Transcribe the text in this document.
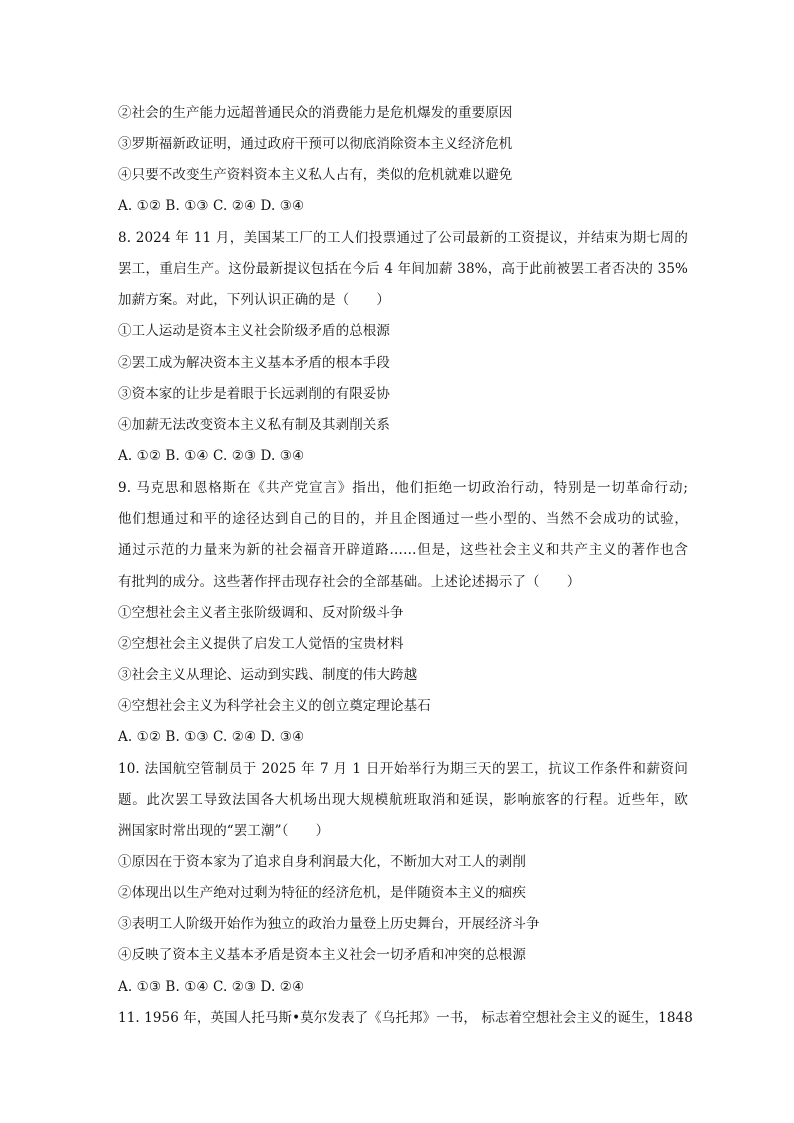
②社会的生产能力远超普通民众的消费能力是危机爆发的重要原因
③罗斯福新政证明，通过政府干预可以彻底消除资本主义经济危机
④只要不改变生产资料资本主义私人占有，类似的危机就难以避免
A. ①② B. ①③ C. ②④ D. ③④
8. 2024 年 11 月，美国某工厂的工人们投票通过了公司最新的工资提议，并结束为期七周的
罢工，重启生产。这份最新提议包括在今后 4 年间加薪 38%，高于此前被罢工者否决的 35%
加薪方案。对此，下列认识正确的是（　　）
①工人运动是资本主义社会阶级矛盾的总根源
②罢工成为解决资本主义基本矛盾的根本手段
③资本家的让步是着眼于长远剥削的有限妥协
④加薪无法改变资本主义私有制及其剥削关系
A. ①② B. ①④ C. ②③ D. ③④
9. 马克思和恩格斯在《共产党宣言》指出，他们拒绝一切政治行动，特别是一切革命行动;
他们想通过和平的途径达到自己的目的，并且企图通过一些小型的、当然不会成功的试验，
通过示范的力量来为新的社会福音开辟道路……但是，这些社会主义和共产主义的著作也含
有批判的成分。这些著作抨击现存社会的全部基础。上述论述揭示了（　　）
①空想社会主义者主张阶级调和、反对阶级斗争
②空想社会主义提供了启发工人觉悟的宝贵材料
③社会主义从理论、运动到实践、制度的伟大跨越
④空想社会主义为科学社会主义的创立奠定理论基石
A. ①② B. ①③ C. ②④ D. ③④
10. 法国航空管制员于 2025 年 7 月 1 日开始举行为期三天的罢工，抗议工作条件和薪资问
题。此次罢工导致法国各大机场出现大规模航班取消和延误，影响旅客的行程。近些年，欧
洲国家时常出现的“罢工潮”（　　）
①原因在于资本家为了追求自身利润最大化，不断加大对工人的剥削
②体现出以生产绝对过剩为特征的经济危机，是伴随资本主义的痼疾
③表明工人阶级开始作为独立的政治力量登上历史舞台，开展经济斗争
④反映了资本主义基本矛盾是资本主义社会一切矛盾和冲突的总根源
A. ①③ B. ①④ C. ②③ D. ②④
11. 1956 年，英国人托马斯•莫尔发表了《乌托邦》一书， 标志着空想社会主义的诞生，1848
